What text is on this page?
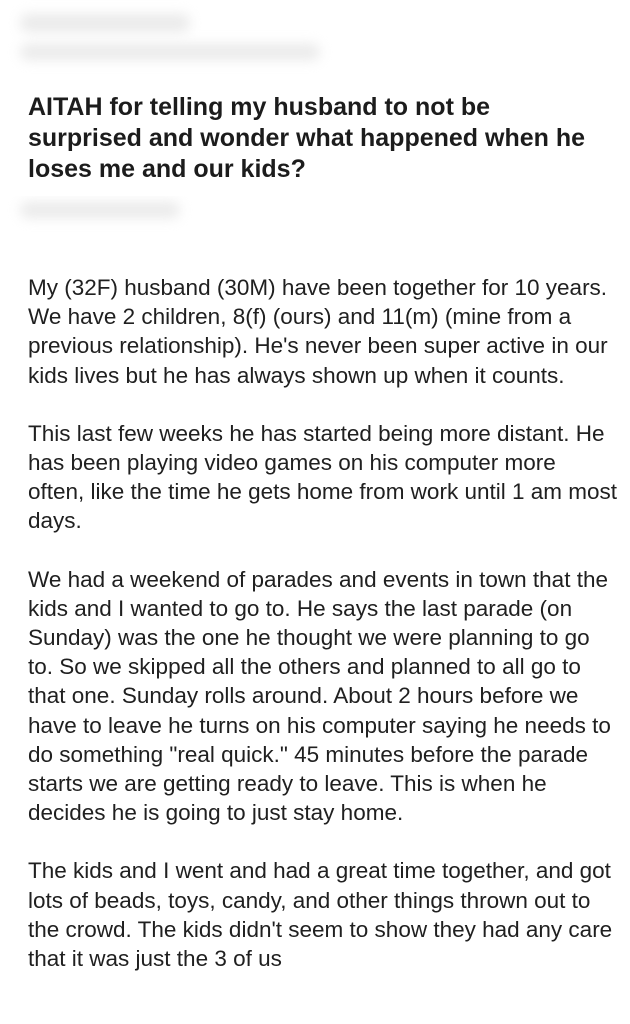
AITAH for telling my husband to not be surprised and wonder what happened when he loses me and our kids?

My (32F) husband (30M) have been together for 10 years. We have 2 children, 8(f) (ours) and 11(m) (mine from a previous relationship). He's never been super active in our kids lives but he has always shown up when it counts.

This last few weeks he has started being more distant. He has been playing video games on his computer more often, like the time he gets home from work until 1 am most days.

We had a weekend of parades and events in town that the kids and I wanted to go to. He says the last parade (on Sunday) was the one he thought we were planning to go to. So we skipped all the others and planned to all go to that one. Sunday rolls around. About 2 hours before we have to leave he turns on his computer saying he needs to do something "real quick." 45 minutes before the parade starts we are getting ready to leave. This is when he decides he is going to just stay home.

The kids and I went and had a great time together, and got lots of beads, toys, candy, and other things thrown out to the crowd. The kids didn't seem to show they had any care that it was just the 3 of us
